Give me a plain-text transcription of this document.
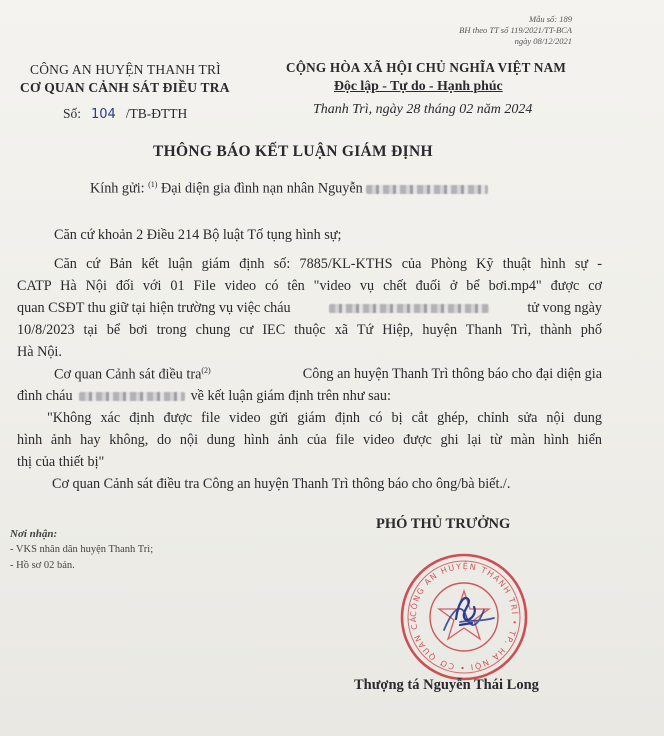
Mẫu số: 189
BH theo TT số 119/2021/TT-BCA
ngày 08/12/2021
CÔNG AN HUYỆN THANH TRÌ
CƠ QUAN CẢNH SÁT ĐIỀU TRA
Số: 104 /TB-ĐTTH
CỘNG HÒA XÃ HỘI CHỦ NGHĨA VIỆT NAM
Độc lập - Tự do - Hạnh phúc
Thanh Trì, ngày 28 tháng 02 năm 2024
THÔNG BÁO KẾT LUẬN GIÁM ĐỊNH
Kính gửi: $^{(1)}$ Đại diện gia đình nạn nhân Nguyễn
Căn cứ khoản 2 Điều 214 Bộ luật Tố tụng hình sự;
Căn cứ Bản kết luận giám định số: 7885/KL-KTHS của Phòng Kỹ thuật hình sự -
CATP Hà Nội đối với 01 File video có tên "video vụ chết đuối ở bể bơi.mp4" được cơ
quan CSĐT thu giữ tại hiện trường vụ việc cháu	tử vong ngày
10/8/2023 tại bể bơi trong chung cư IEC thuộc xã Tứ Hiệp, huyện Thanh Trì, thành phố
Hà Nội.
Cơ quan Cảnh sát điều tra$^{(2)}$	Công an huyện Thanh Trì thông báo cho đại diện gia
đình cháu	về kết luận giám định trên như sau:
"Không xác định được file video gửi giám định có bị cắt ghép, chỉnh sửa nội dung
hình ảnh hay không, do nội dung hình ảnh của file video được ghi lại từ màn hình hiển
thị của thiết bị"
Cơ quan Cảnh sát điều tra Công an huyện Thanh Trì thông báo cho ông/bà biết./.
Nơi nhận:
- VKS nhân dân huyện Thanh Trì;
- Hồ sơ 02 bản.
PHÓ THỦ TRƯỞNG
CÔNG AN HUYỆN THANH TRÌ • TP. HÀ NỘI • CƠ QUAN CẢ
Thượng tá Nguyễn Thái Long
